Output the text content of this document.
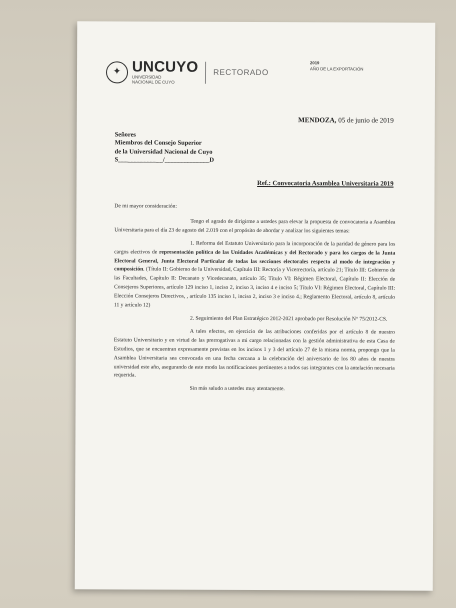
✦ UNCUYO
UNIVERSIDAD
NACIONAL DE CUYO
RECTORADO
2019
AÑO DE LA EXPORTACIÓN
MENDOZA, 05 de junio de 2019
Señores
Miembros del Consejo Superior
de la Universidad Nacional de Cuyo
S______________/______________D
Ref.: Convocatoria Asamblea Universitaria 2019

De mi mayor consideración:

Tengo el agrado de dirigirme a ustedes para elevar la propuesta de convocatoria a Asamblea Universitaria para el día 23 de agosto del 2.019 con el propósito de abordar y analizar los siguientes temas:

1. Reforma del Estatuto Universitario para la incorporación de la paridad de género para los cargos electivos de representación política de las Unidades Académicas y del Rectorado y para los cargos de la Junta Electoral General, Junta Electoral Particular de todas las secciones electorales respecto al modo de integración y composición. (Título II: Gobierno de la Universidad, Capítulo III: Rectoría y Vicerrectoría, artículo 21; Título III: Gobierno de las Facultades, Capítulo II: Decanato y Vicedecanato, artículo 35; Título VI: Régimen Electoral, Capítulo II: Elección de Consejeros Superiores, artículo 129 inciso 1, inciso 2, inciso 3, inciso 4 e inciso 5; Título VI: Régimen Electoral, Capítulo III: Elección Consejeros Directivos, , artículo 135 inciso 1, inciso 2, inciso 3 e inciso 4.; Reglamento Electoral, artículo 8, artículo 11 y artículo 12)

2. Seguimiento del Plan Estratégico 2012-2021 aprobado por Resolución N° 75/2012-CS.

A tales efectos, en ejercicio de las atribuciones conferidas por el artículo 8 de nuestro Estatuto Universitario y en virtud de las prerrogativas a mi cargo relacionadas con la gestión administrativa de esta Casa de Estudios, que se encuentran expresamente previstas en los incisos 1 y 3 del artículo 27 de la misma norma, propongo que la Asamblea Universitaria sea convocada en una fecha cercana a la celebración del aniversario de los 80 años de nuestra universidad este año, asegurando de este modo las notificaciones pertinentes a todos sus integrantes con la antelación necesaria requerida.

Sin más saludo a ustedes muy atentamente.
